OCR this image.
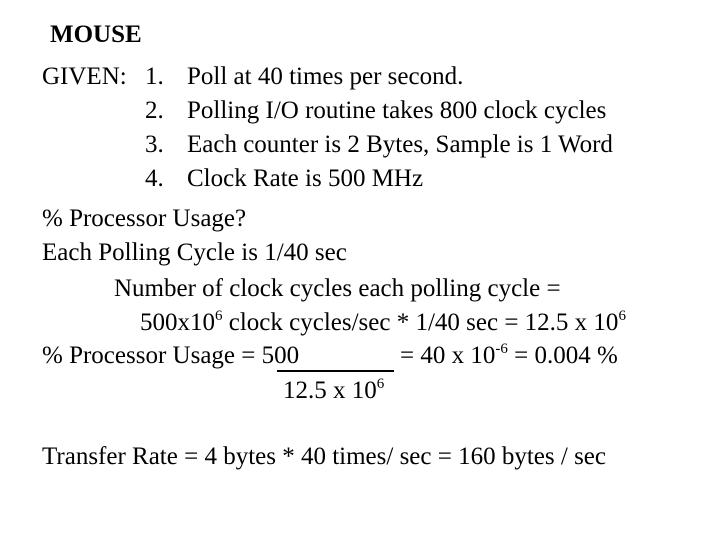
MOUSE
GIVEN: 1. Poll at 40 times per second.
2. Polling I/O routine takes 800 clock cycles
3. Each counter is 2 Bytes, Sample is 1 Word
4. Clock Rate is 500 MHz
% Processor Usage?
Each Polling Cycle is 1/40 sec
Number of clock cycles each polling cycle =
$500x10^6$ clock cycles/sec * 1/40 sec = 12.5 x $10^6$
% Processor Usage = 500	= 40 x $10^{-6} = 0.004$ %
12.5 x $10^6$
Transfer Rate = 4 bytes * 40 times/ sec = 160 bytes / sec
